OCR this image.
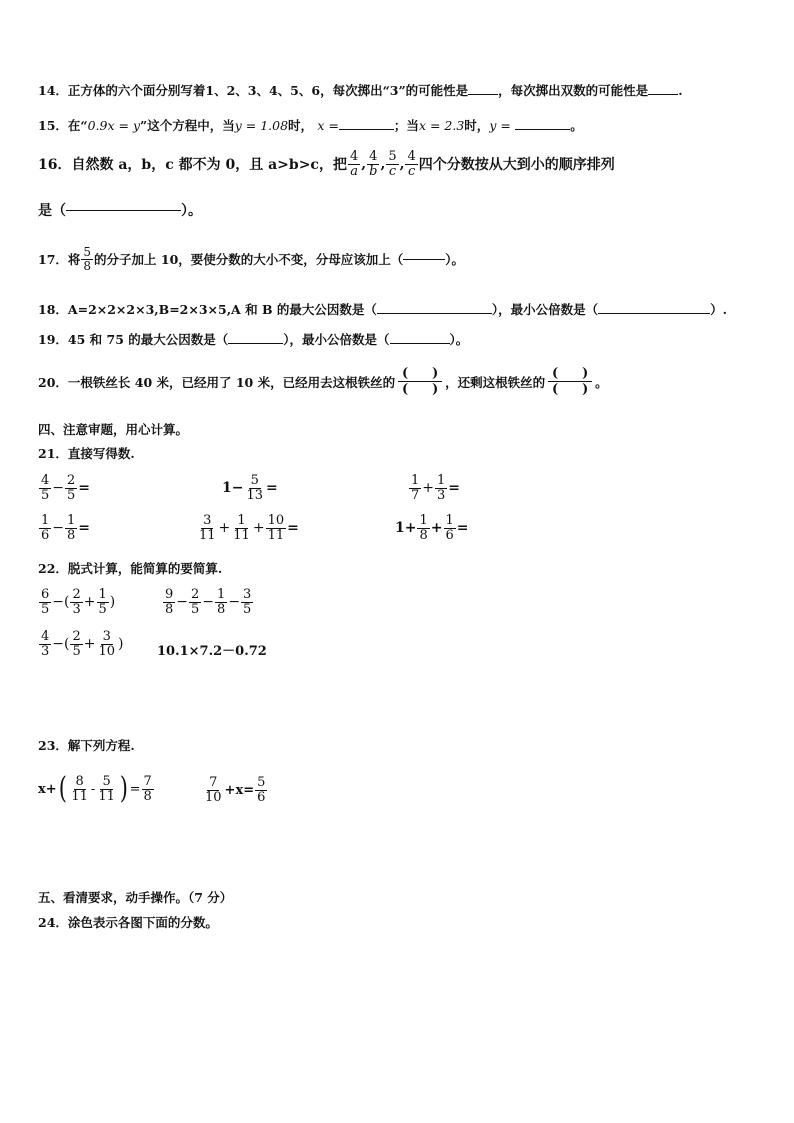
14．正方体的六个面分别写着1、2、3、4、5、6，每次掷出“3”的可能性是 ，每次掷出双数的可能性是 .
15．在“0.9x = y”这个方程中，当y = 1.08时， x =	；当x = 2.3时，y =	。
16．自然数 a，b，c 都不为 0，且 a>b>c，把 $\frac{4}{a}$ , $\frac{4}{b}$ , $\frac{5}{c}$ , $\frac{4}{c}$ 四个分数按从大到小的顺序排列
是（	）。
17．将 $\frac{5}{8}$ 的分子加上 10，要使分数的大小不变，分母应该加上（	）。
18．A=2×2×2×3,B=2×3×5,A 和 B 的最大公因数是（	），最小公倍数是（	）.
19．45 和 75 的最大公因数是（	），最小公倍数是（	）。
20．一根铁丝长 40 米，已经用了 10 米，已经用去这根铁丝的 $\frac{( )}{( )}$ ，还剩这根铁丝的 $\frac{( )}{( )}$ 。
四、注意审题，用心计算。
21．直接写得数.
$\frac{4}{5} - \frac{2}{5}$ =	$1 - \frac{5}{13}$ =	$\frac{1}{7} + \frac{1}{3}$ =
$\frac{1}{6} - \frac{1}{8}$ =	$\frac{3}{11} + \frac{1}{11} + \frac{10}{11}$ =	$1 + \frac{1}{8} + \frac{1}{6}$ =
22．脱式计算，能简算的要简算.
$\frac{6}{5}$ −( $\frac{2}{3} + \frac{1}{5}$ )	$\frac{9}{8} - \frac{2}{5} - \frac{1}{8} - \frac{3}{5}$
$\frac{4}{3}$ −( $\frac{2}{5} + \frac{3}{10}$ )	10.1×7.2－0.72
23．解下列方程.
x+ ( $\frac{8}{11} - \frac{5}{11}$ ) = $\frac{7}{8}$	$\frac{7}{10} +x= \frac{5}{6}$
五、看清要求，动手操作。（7 分）
24．涂色表示各图下面的分数。
